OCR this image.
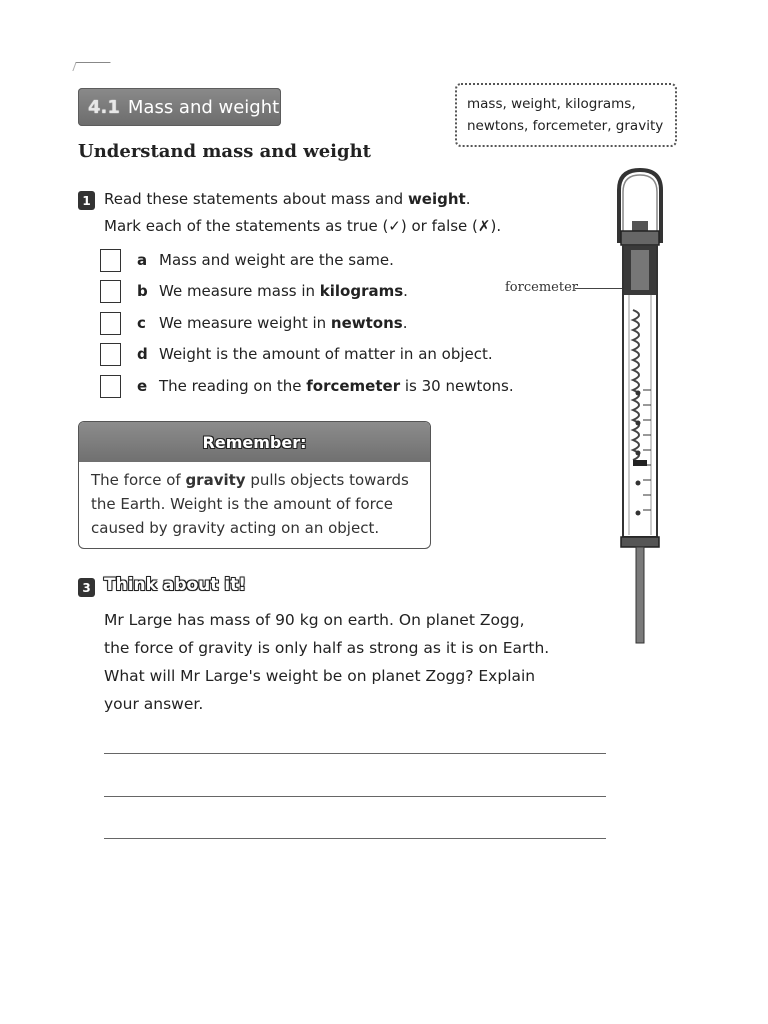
4.1 Mass and weight	mass, weight, kilograms,
newtons, forcemeter, gravity
Understand mass and weight
1 Read these statements about mass and weight.
Mark each of the statements as true (✓) or false (✗).
a Mass and weight are the same.
b We measure mass in kilograms.
c We measure weight in newtons.
d Weight is the amount of matter in an object.
e The reading on the forcemeter is 30 newtons.
Remember:
The force of gravity pulls objects towards
the Earth. Weight is the amount of force
caused by gravity acting on an object.
3 Think about it!
Mr Large has mass of 90 kg on earth. On planet Zogg,
the force of gravity is only half as strong as it is on Earth.
What will Mr Large's weight be on planet Zogg? Explain
your answer.
forcemeter
